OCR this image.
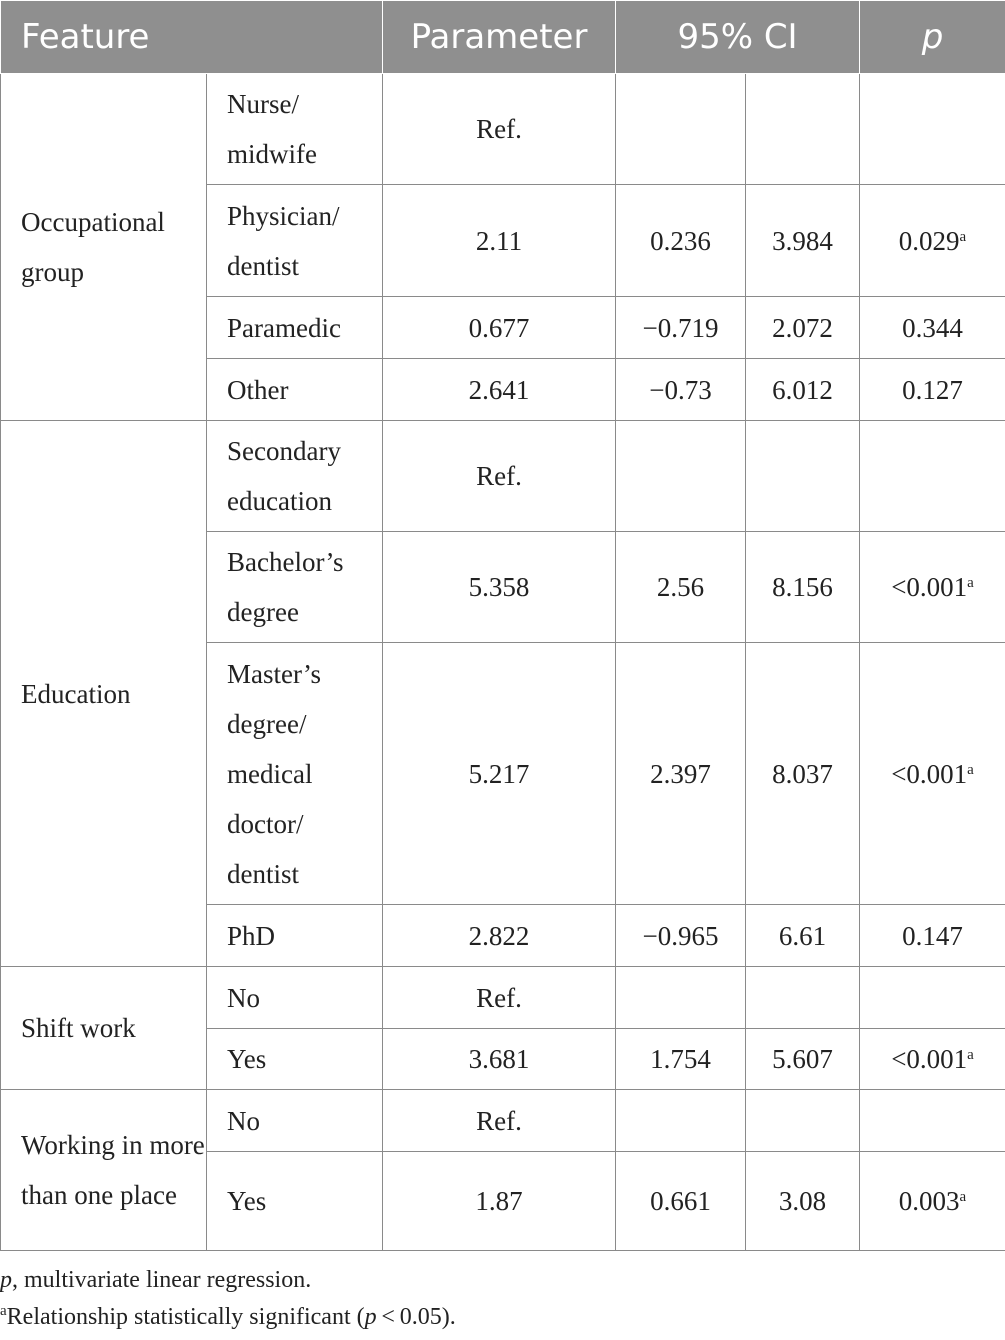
Feature		Parameter	95% CI		p
Occupational group	Nurse/ midwife	Ref.			
	Physician/ dentist	2.11	0.236	3.984	0.029$^a$
	Paramedic	0.677	−0.719	2.072	0.344
	Other	2.641	−0.73	6.012	0.127
Education	Secondary education	Ref.			
	Bachelor’s degree	5.358	2.56	8.156	<0.001$^a$
	Master’s degree/ medical doctor/ dentist	5.217	2.397	8.037	<0.001$^a$
	PhD	2.822	−0.965	6.61	0.147
Shift work	No	Ref.			
	Yes	3.681	1.754	5.607	<0.001$^a$
Working in more than one place	No	Ref.			
	Yes	1.87	0.661	3.08	0.003$^a$
p, multivariate linear regression.
$^a$Relationship statistically significant (p < 0.05).
